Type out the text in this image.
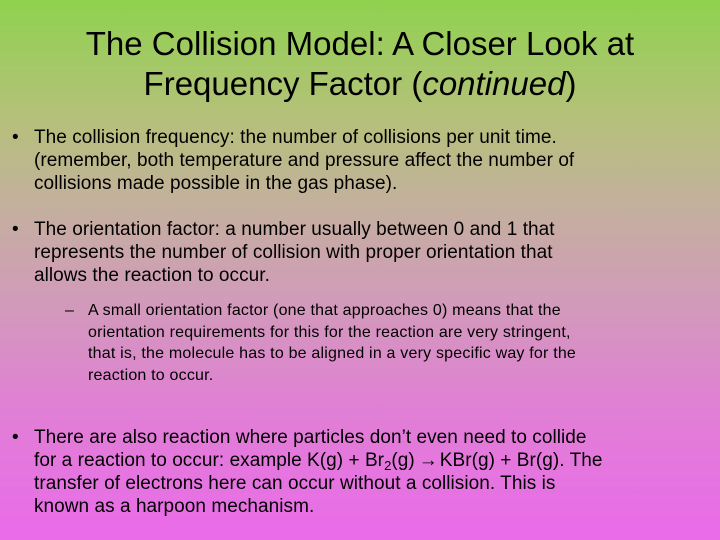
The Collision Model: A Closer Look at
Frequency Factor (continued)
• The collision frequency: the number of collisions per unit time.
(remember, both temperature and pressure affect the number of
collisions made possible in the gas phase).
• The orientation factor: a number usually between 0 and 1 that
represents the number of collision with proper orientation that
allows the reaction to occur.
– A small orientation factor (one that approaches 0) means that the
orientation requirements for this for the reaction are very stringent,
that is, the molecule has to be aligned in a very specific way for the
reaction to occur.
• There are also reaction where particles don’t even need to collide
for a reaction to occur: example $K(g) + Br_2(g) \to KBr(g) + Br(g)$. The
transfer of electrons here can occur without a collision. This is
known as a harpoon mechanism.
